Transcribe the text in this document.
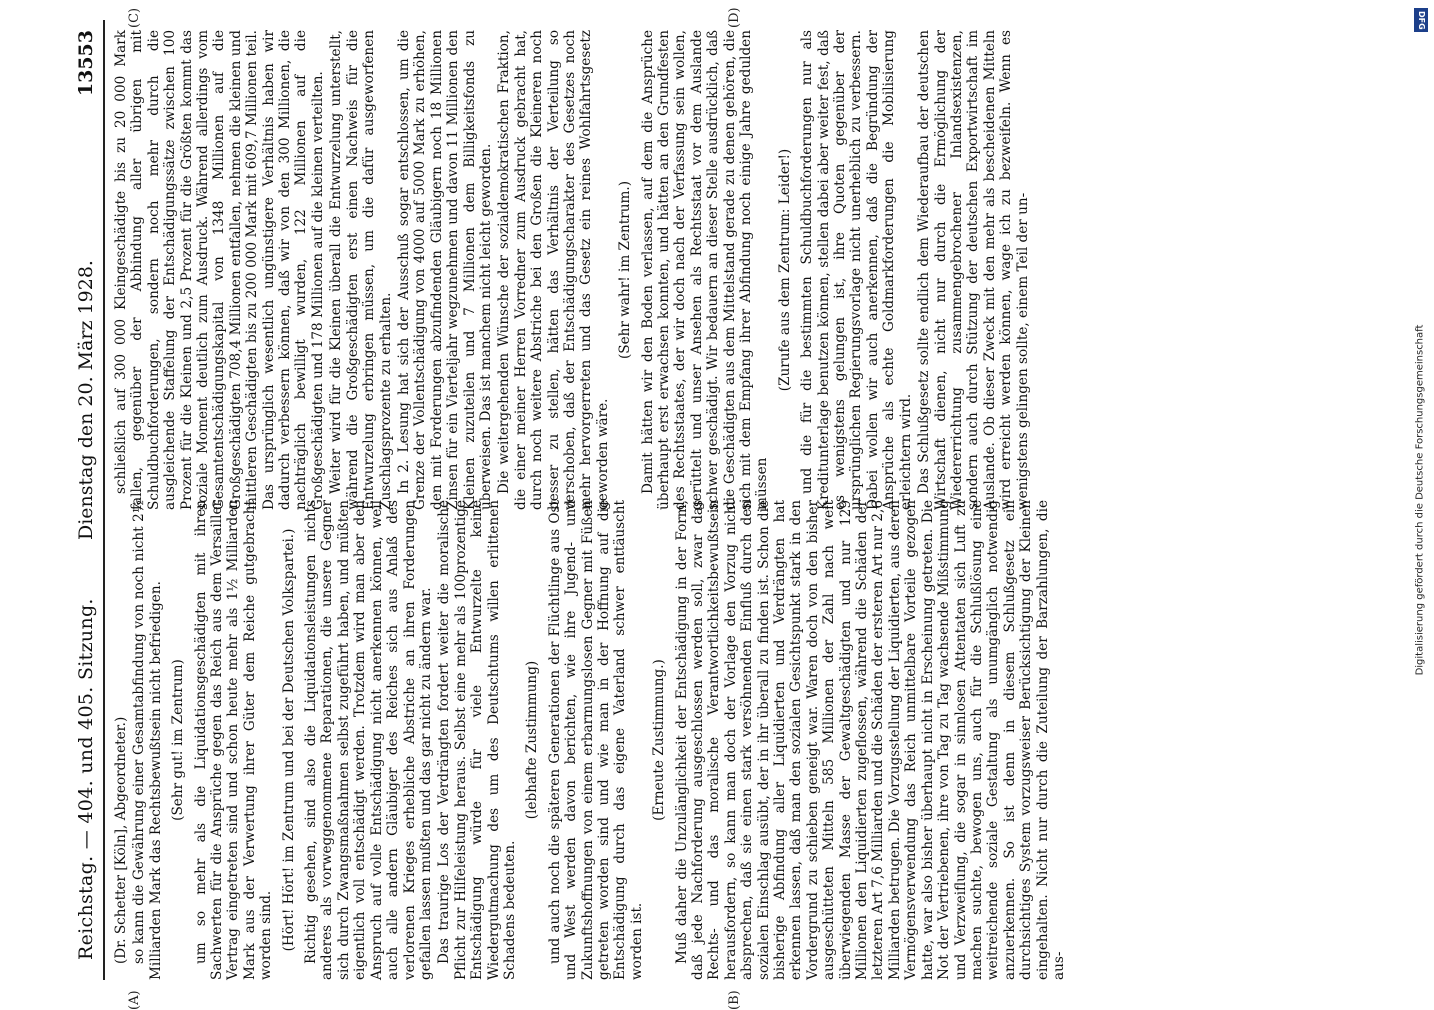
Reichstag. — 404. und 405. Sitzung.
Dienstag den 20. März 1928.
13553
(A)	(B)
(C)	(D)

(Dr. Schetter [Köln], Abgeordneter.) so kann die Gewährung einer Gesamtabfindung von noch nicht 2½ Milliarden Mark das Rechtsbewußtsein nicht befriedigen. (Sehr gut! im Zentrum) um so mehr als die Liquidationsgeschädigten mit ihren Sachwerten für die Ansprüche gegen das Reich aus dem Versailler Vertrag eingetreten sind und schon heute mehr als 1½ Milliarden Mark aus der Verwertung ihrer Güter dem Reiche gutgebracht worden sind. (Hört! Hört! im Zentrum und bei der Deutschen Volkspartei.) Richtig gesehen, sind also die Liquidationsleistungen nichts anderes als vorweggenommene Reparationen, die unsere Gegner sich durch Zwangsmaßnahmen selbst zugeführt haben, und müßten eigentlich voll entschädigt werden. Trotzdem wird man aber den Anspruch auf volle Entschädigung nicht anerkennen können, weil auch alle andern Gläubiger des Reiches sich aus Anlaß des verlorenen Krieges erhebliche Abstriche an ihren Forderungen gefallen lassen mußten und das gar nicht zu ändern war. Das traurige Los der Verdrängten fordert weiter die moralische Pflicht zur Hilfeleistung heraus. Selbst eine mehr als 100prozentige Entschädigung würde für viele Entwurzelte keine Wiedergutmachung des um des Deutschtums willen erlittenen Schadens bedeuten.

(lebhafte Zustimmung) und auch noch die späteren Generationen der Flüchtlinge aus Ost und West werden davon berichten, wie ihre Jugend- und Zukunftshoffnungen von einem erbarmungslosen Gegner mit Füßen getreten worden sind und wie man in der Hoffnung auf die Entschädigung durch das eigene Vaterland schwer enttäuscht worden ist.

(Erneute Zustimmung.) Muß daher die Unzulänglichkeit der Entschädigung in der Form, daß jede Nachforderung ausgeschlossen werden soll, zwar das Rechts- und das moralische Verantwortlichkeitsbewußtsein herausfordern, so kann man doch der Vorlage den Vorzug nicht absprechen, daß sie einen stark versöhnenden Einfluß durch den sozialen Einschlag ausübt, der in ihr überall zu finden ist. Schon die bisherige Abfindung aller Liquidierten und Verdrängten hat erkennen lassen, daß man den sozialen Gesichtspunkt stark in den Vordergrund zu schieben geneigt war. Waren doch von den bisher ausgeschütteten Mitteln 585 Millionen der Zahl nach weit überwiegenden Masse der Gewaltgeschädigten und nur 129 Millionen den Liquidierten zugeflossen, während die Schäden der letzteren Art 7,6 Milliarden und die Schäden der ersteren Art nur 2,6 Milliarden betrugen. Die Vorzugsstellung der Liquidierten, aus deren Vermögensverwendung das Reich unmittelbare Vorteile gezogen hatte, war also bisher überhaupt nicht in Erscheinung getreten. Die Not der Vertriebenen, ihre von Tag zu Tag wachsende Mißstimmung und Verzweiflung, die sogar in sinnlosen Attentaten sich Luft zu machen suchte, bewogen uns, auch für die Schlußlösung eine weitreichende soziale Gestaltung als unumgänglich notwendig anzuerkennen. So ist denn in diesem Schlußgesetz ein durchsichtiges System vorzugsweiser Berücksichtigung der Kleinen eingehalten. Nicht nur durch die Zuteilung der Barzahlungen, die aus-

schließlich auf 300 000 Kleingeschädigte bis zu 20 000 Mark fallen, gegenüber der Abhindung aller übrigen mit Schuldbuchforderungen, sondern noch mehr durch die ausgleichende Staffelung der Entschädigungssätze zwischen 100 Prozent für die Kleinen und 2,5 Prozent für die Größten kommt das soziale Moment deutlich zum Ausdruck. Während allerdings vom Gesamtentschädigungskapital von 1348 Millionen auf die Großgeschädigten 708,4 Millionen entfallen, nehmen die kleinen und mittleren Geschädigten bis zu 200 000 Mark mit 609,7 Millionen teil. Das ursprünglich wesentlich ungünstigere Verhältnis haben wir dadurch verbessern können, daß wir von den 300 Millionen, die nachträglich bewilligt wurden, 122 Millionen auf die Großgeschädigten und 178 Millionen auf die kleinen verteilten. Weiter wird für die Kleinen überall die Entwurzelung unterstellt, während die Großgeschädigten erst einen Nachweis für die Entwurzelung erbringen müssen, um die dafür ausgeworfenen Zuschlagsprozente zu erhalten. In 2. Lesung hat sich der Ausschuß sogar entschlossen, um die Grenze der Vollentschädigung von 4000 auf 5000 Mark zu erhöhen, den mit Forderungen abzufindenden Gläubigern noch 18 Millionen Zinsen für ein Vierteljahr wegzunehmen und davon 11 Millionen den Kleinen zuzuteilen und 7 Millionen dem Billigkeitsfonds zu überweisen. Das ist manchem nicht leicht geworden. Die weitergehenden Wünsche der sozialdemokratischen Fraktion, die einer meiner Herren Vorredner zum Ausdruck gebracht hat, durch noch weitere Abstriche bei den Großen die Kleineren noch besser zu stellen, hätten das Verhältnis der Verteilung so verschoben, daß der Entschädigungscharakter des Gesetzes noch mehr hervorgerreten und das Gesetz ein reines Wohlfahrtsgesetz geworden wäre.

(Sehr wahr! im Zentrum.) Damit hätten wir den Boden verlassen, auf dem die Ansprüche überhaupt erst erwachsen konnten, und hätten an den Grundfesten des Rechtsstaates, der wir doch nach der Verfassung sein wollen, gerüttelt und unser Ansehen als Rechtsstaat vor dem Auslande schwer geschädigt. Wir bedauern an dieser Stelle ausdrücklich, daß die Geschädigten aus dem Mittelstand gerade zu denen gehören, die sich mit dem Empfang ihrer Abfindung noch einige Jahre gedulden müssen

(Zurufe aus dem Zentrum: Leider!) und die für die bestimmten Schuldbuchforderungen nur als Kreditunterlage benutzen können, stellen dabei aber weiter fest, daß es wenigstens gelungen ist, ihre Quoten gegenüber der ursprünglichen Regierungsvorlage nicht unerheblich zu verbessern. Dabei wollen wir auch anerkennen, daß die Begründung der Ansprüche als echte Goldmarkforderungen die Mobilisierung erleichtern wird. Das Schlußgesetz sollte endlich dem Wiederaufbau der deutschen Wirtschaft dienen, nicht nur durch die Ermöglichung der Wiedererrichtung zusammengebrochener Inlandsexistenzen, sondern auch durch Stützung der deutschen Exportwirtschaft im Auslande. Ob dieser Zweck mit den mehr als bescheidenen Mitteln wird erreicht werden können, wage ich zu bezweifeln. Wenn es wenigstens gelingen sollte, einem Teil der un-

DFG
Digitalisierung gefördert durch die Deutsche Forschungsgemeinschaft
